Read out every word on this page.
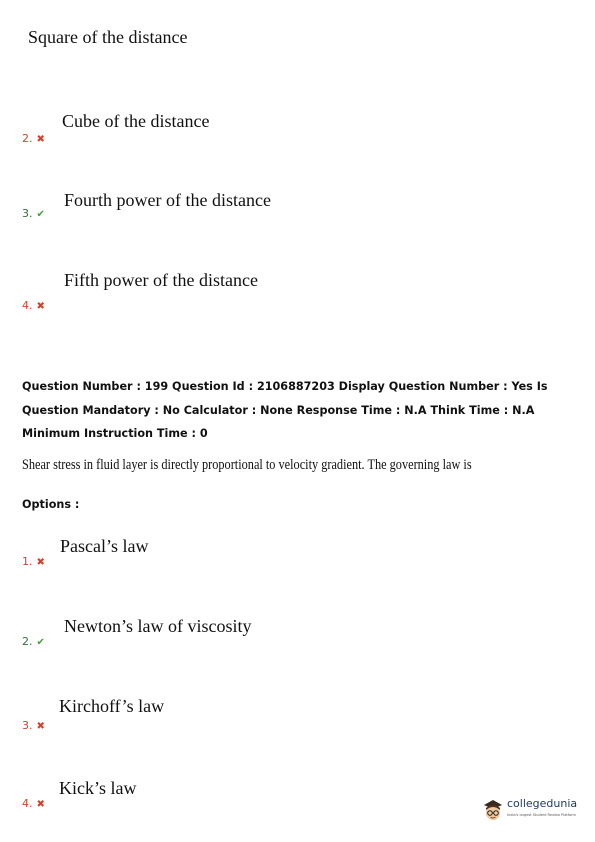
Square of the distance
Cube of the distance
2. ✖
Fourth power of the distance
3. ✔
Fifth power of the distance
4. ✖
Question Number : 199 Question Id : 2106887203 Display Question Number : Yes Is Question Mandatory : No Calculator : None Response Time : N.A Think Time : N.A Minimum Instruction Time : 0
Shear stress in fluid layer is directly proportional to velocity gradient. The governing law is
Options :
Pascal’s law
1. ✖
Newton’s law of viscosity
2. ✔
Kirchoff’s law
3. ✖
Kick’s law
4. ✖	collegedunia
India's largest Student Review Platform
